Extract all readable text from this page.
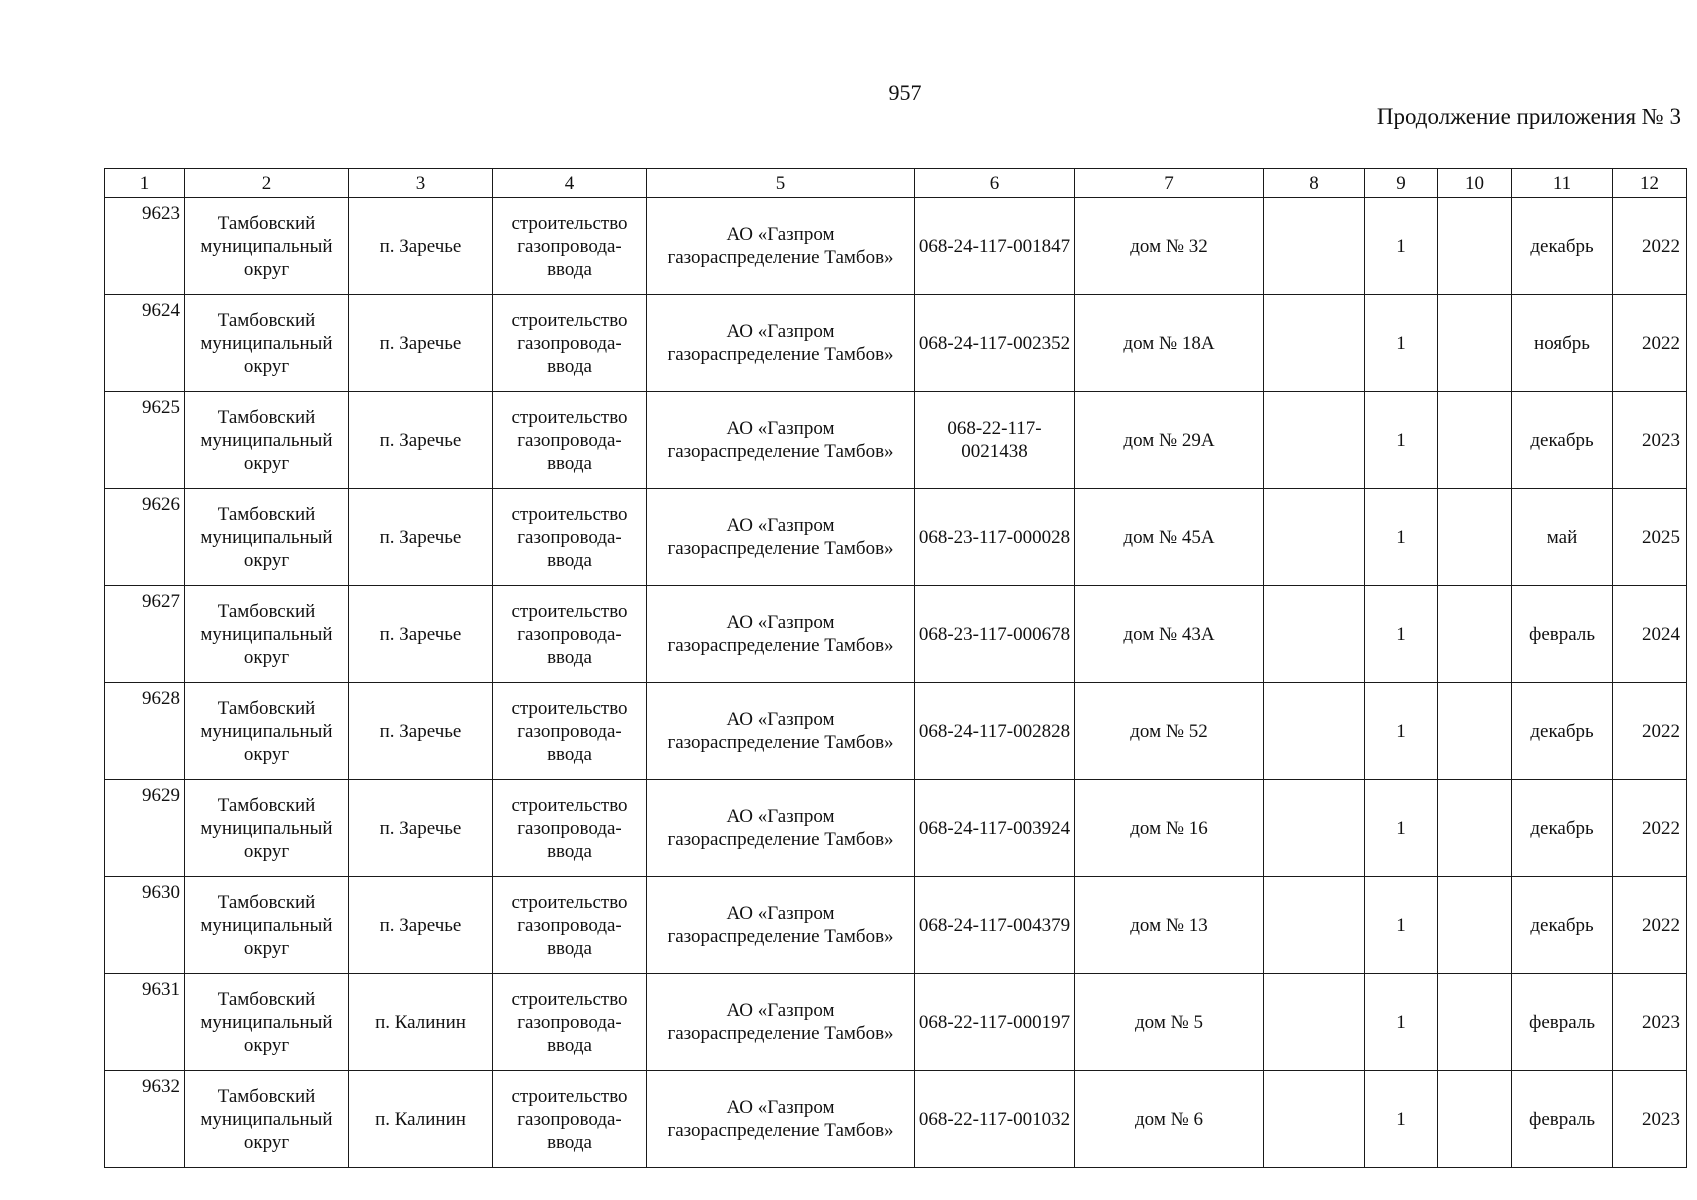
957
Продолжение приложения № 3
1	2	3	4	5	6	7	8	9	10	11	12
9623	Тамбовский муниципальный округ	п. Заречье	строительство газопровода-ввода	АО «Газпром газораспределение Тамбов»	068-24-117-001847	дом № 32		1		декабрь	2022
9624	Тамбовский муниципальный округ	п. Заречье	строительство газопровода-ввода	АО «Газпром газораспределение Тамбов»	068-24-117-002352	дом № 18А		1		ноябрь	2022
9625	Тамбовский муниципальный округ	п. Заречье	строительство газопровода-ввода	АО «Газпром газораспределение Тамбов»	068-22-117-0021438	дом № 29А		1		декабрь	2023
9626	Тамбовский муниципальный округ	п. Заречье	строительство газопровода-ввода	АО «Газпром газораспределение Тамбов»	068-23-117-000028	дом № 45А		1		май	2025
9627	Тамбовский муниципальный округ	п. Заречье	строительство газопровода-ввода	АО «Газпром газораспределение Тамбов»	068-23-117-000678	дом № 43А		1		февраль	2024
9628	Тамбовский муниципальный округ	п. Заречье	строительство газопровода-ввода	АО «Газпром газораспределение Тамбов»	068-24-117-002828	дом № 52		1		декабрь	2022
9629	Тамбовский муниципальный округ	п. Заречье	строительство газопровода-ввода	АО «Газпром газораспределение Тамбов»	068-24-117-003924	дом № 16		1		декабрь	2022
9630	Тамбовский муниципальный округ	п. Заречье	строительство газопровода-ввода	АО «Газпром газораспределение Тамбов»	068-24-117-004379	дом № 13		1		декабрь	2022
9631	Тамбовский муниципальный округ	п. Калинин	строительство газопровода-ввода	АО «Газпром газораспределение Тамбов»	068-22-117-000197	дом № 5		1		февраль	2023
9632	Тамбовский муниципальный округ	п. Калинин	строительство газопровода-ввода	АО «Газпром газораспределение Тамбов»	068-22-117-001032	дом № 6		1		февраль	2023
